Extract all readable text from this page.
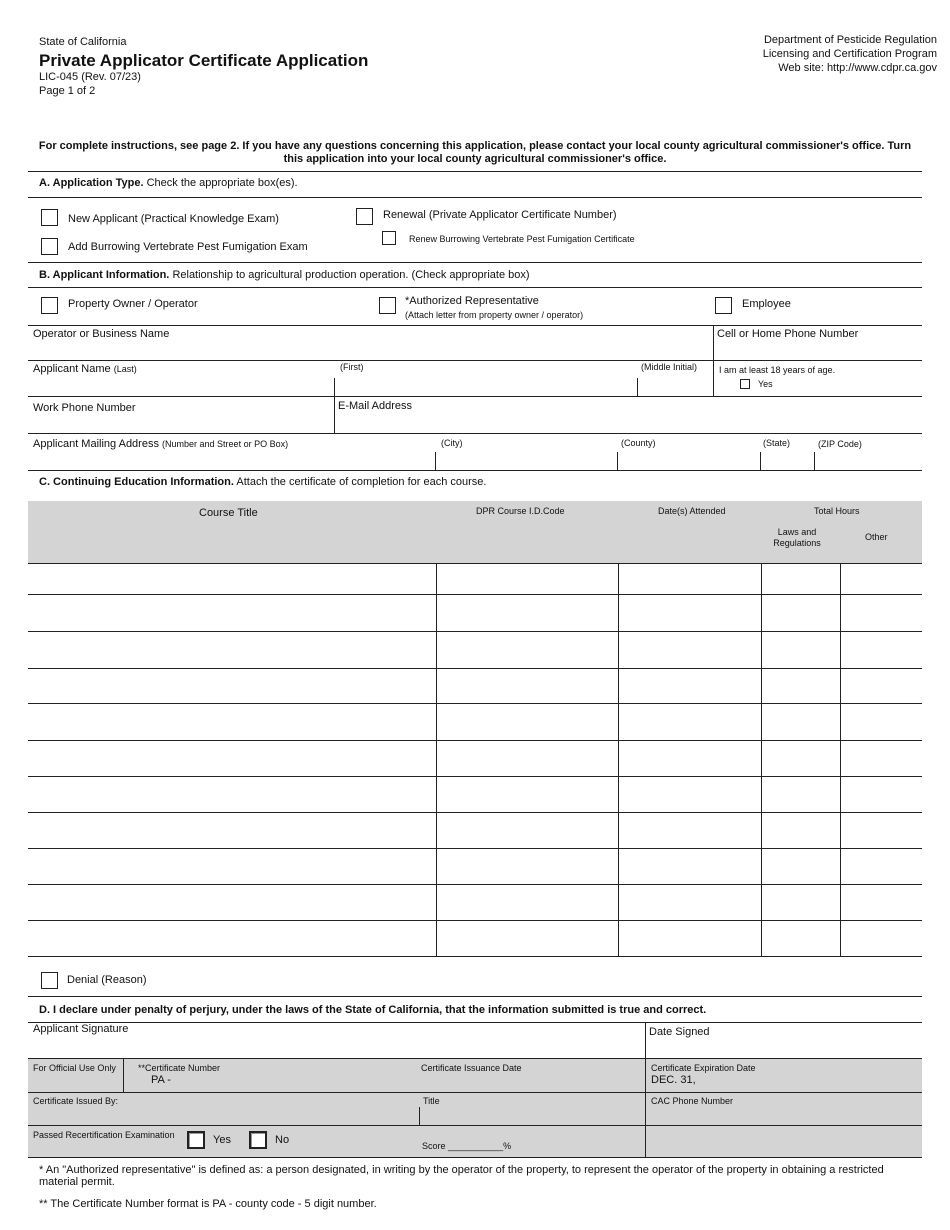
State of California
Private Applicator Certificate Application
LIC-045 (Rev. 07/23)
Page 1 of 2
Department of Pesticide Regulation
Licensing and Certification Program
Web site: http://www.cdpr.ca.gov
For complete instructions, see page 2. If you have any questions concerning this application, please contact your local county agricultural commissioner's office. Turn this application into your local county agricultural commissioner's office.
A. Application Type. Check the appropriate box(es).
New Applicant (Practical Knowledge Exam)
Add Burrowing Vertebrate Pest Fumigation Exam
Renewal (Private Applicator Certificate Number)
Renew Burrowing Vertebrate Pest Fumigation Certificate
B. Applicant Information. Relationship to agricultural production operation. (Check appropriate box)
Property Owner / Operator	*Authorized Representative
(Attach letter from property owner / operator)
Employee
Operator or Business Name	Cell or Home Phone Number
Applicant Name (Last)	(First)	(Middle Initial) I am at least 18 years of age.
Yes
Work Phone Number	E-Mail Address
Applicant Mailing Address (Number and Street or PO Box)	(City)	(County)	(State)	(ZIP Code)
C. Continuing Education Information. Attach the certificate of completion for each course.
Course Title	DPR Course I.D.Code	Date(s) Attended	Total Hours
Laws and Regulations
Other
Denial (Reason)
D. I declare under penalty of perjury, under the laws of the State of California, that the information submitted is true and correct.
Applicant Signature	Date Signed
For Official Use Only **Certificate Number
PA -
Certificate Issuance Date	Certificate Expiration Date
DEC. 31,
Certificate Issued By:	Title	CAC Phone Number
Passed Recertification Examination	Yes	No	Score ___________%
* An "Authorized representative" is defined as: a person designated, in writing by the operator of the property, to represent the operator of the property in obtaining a restricted material permit.
** The Certificate Number format is PA - county code - 5 digit number.
